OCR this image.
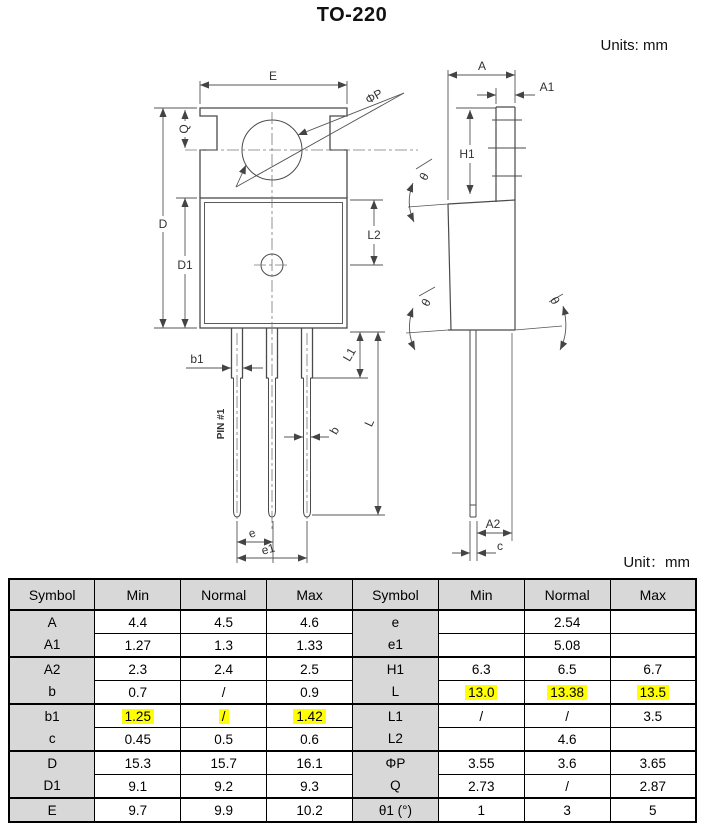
TO-220
Units: mm
Unit：mm
E
ΦP
Q
D
D1
L2
b1
PIN #1	b
L1
L
e
e1
A
A1
H1
θ
θ	θ
A2
c
Symbol	Min	Normal	Max	Symbol	Min	Normal	Max
A	4.4	4.5	4.6	e		2.54	
A1	1.27	1.3	1.33	e1		5.08	
A2	2.3	2.4	2.5	H1	6.3	6.5	6.7
b	0.7	/	0.9	L	13.0	13.38	13.5
b1	1.25	/	1.42	L1	/	/	3.5
c	0.45	0.5	0.6	L2		4.6	
D	15.3	15.7	16.1	ΦP	3.55	3.6	3.65
D1	9.1	9.2	9.3	Q	2.73	/	2.87
E	9.7	9.9	10.2	θ1 (°)	1	3	5
